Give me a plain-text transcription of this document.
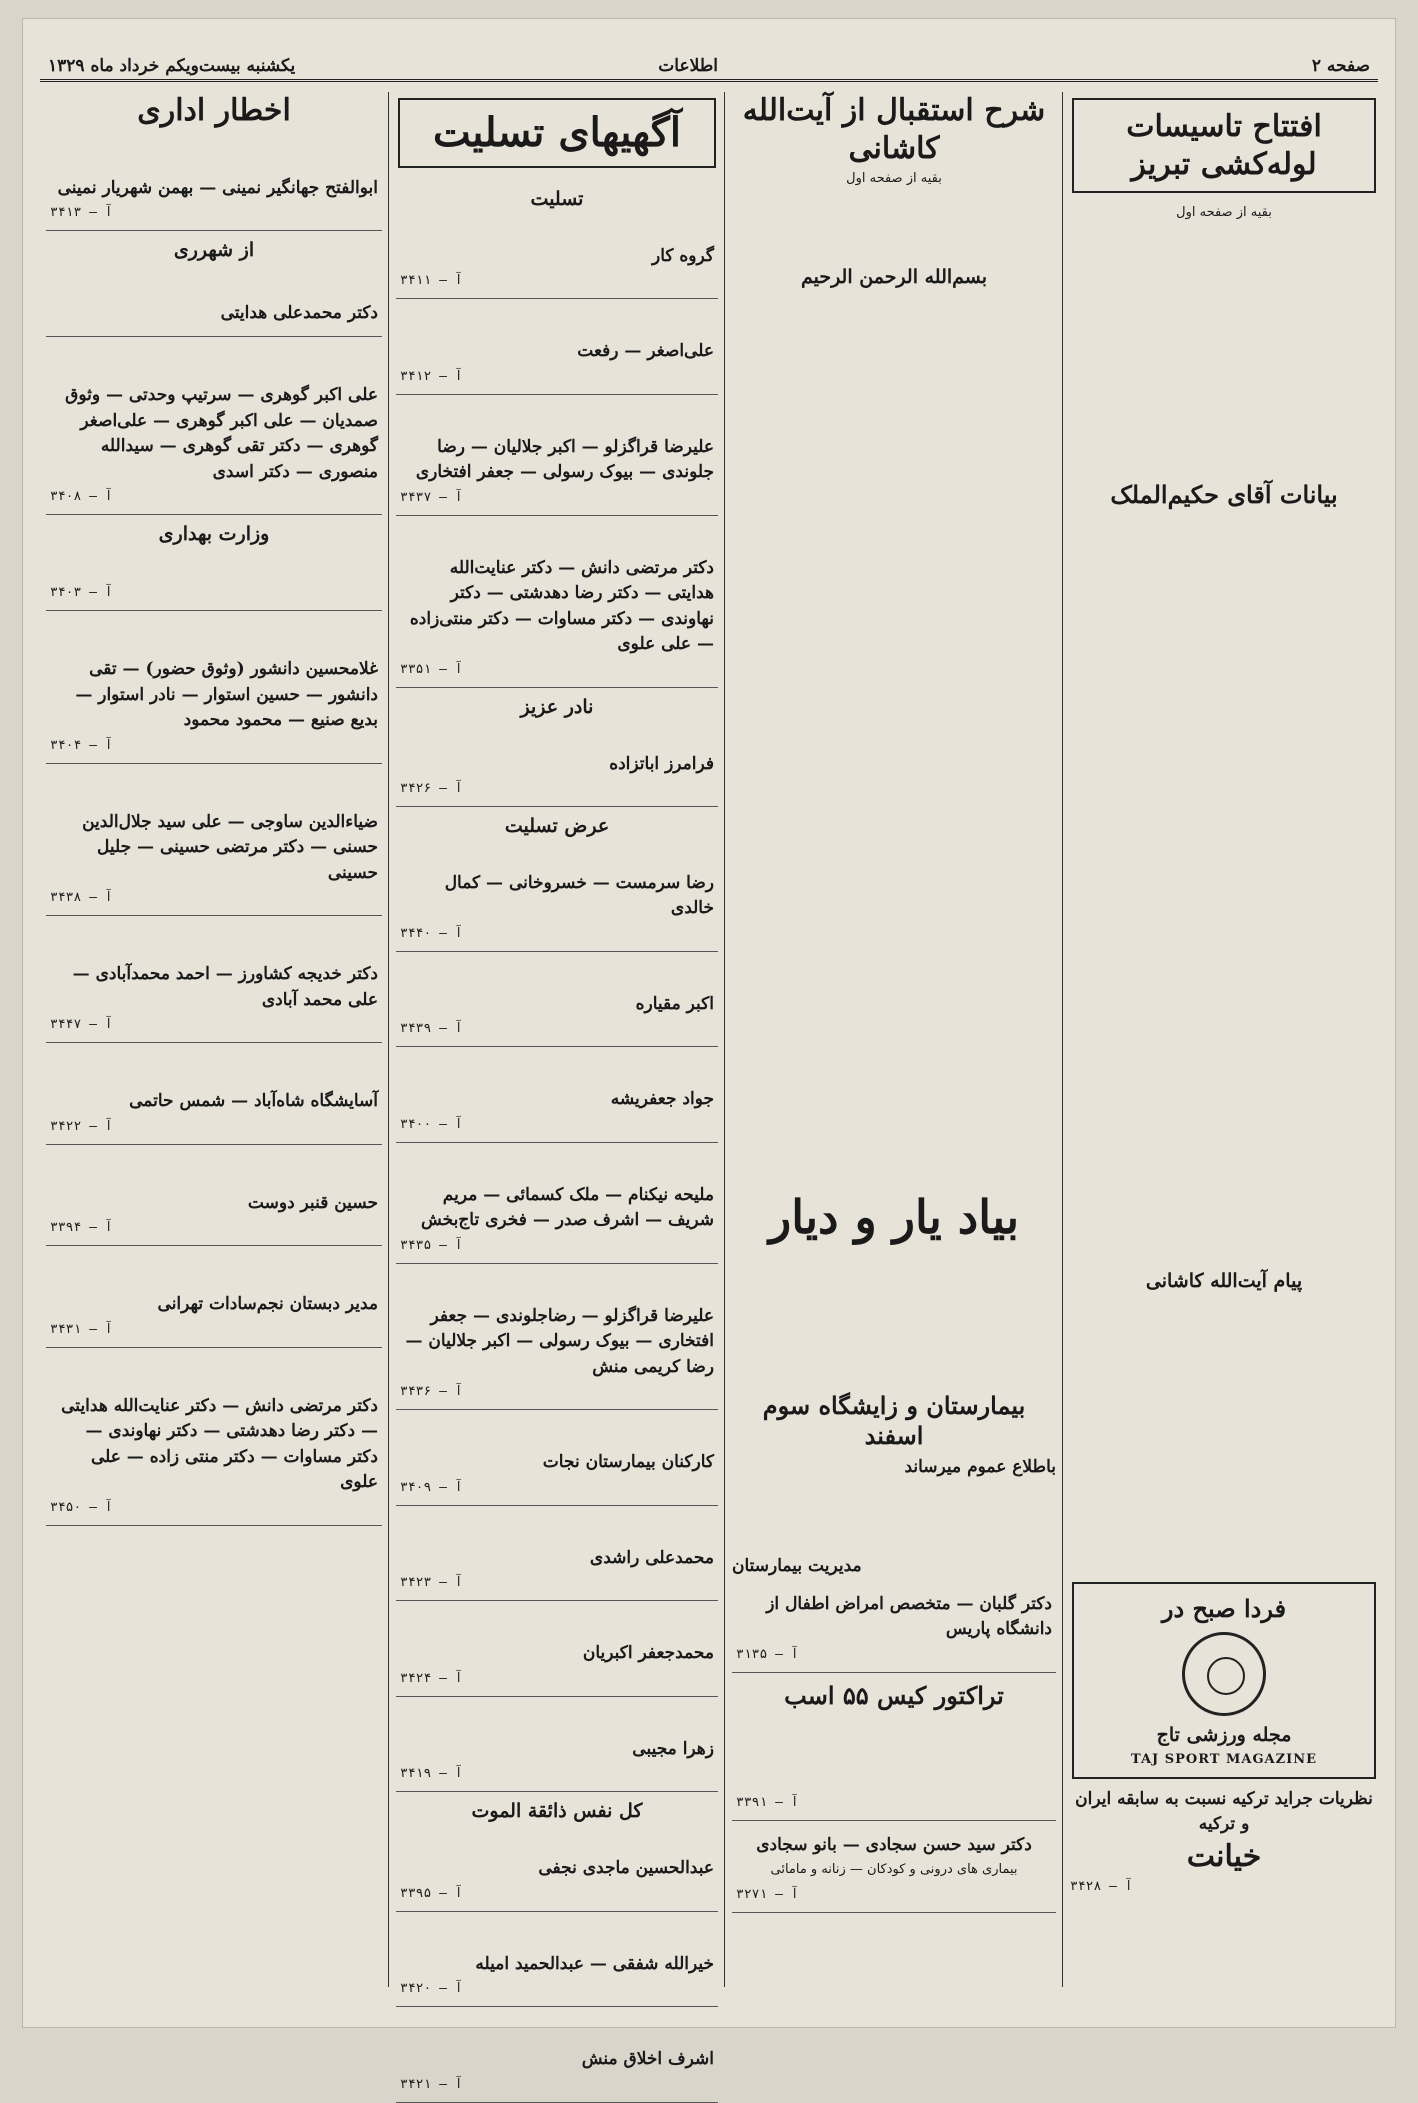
صفحه ۲
اطلاعات
یکشنبه بیست‌ویکم خرداد ماه ۱۳۲۹
افتتاح تاسیسات لوله‌کشی تبریز
بقیه از صفحه اول
بیانات آقای حکیم‌الملک
پیام آیت‌الله کاشانی
فردا صبح در
مجله ورزشی تاج
TAJ SPORT MAGAZINE
نظریات جراید ترکیه نسبت به سابقه ایران و ترکیه
خیانت
آ — ۳۴۲۸
شرح استقبال از آیت‌الله کاشانی
بقیه از صفحه اول
بسم‌الله الرحمن الرحیم
بیاد یار و دیار
بیمارستان و زایشگاه سوم اسفند
باطلاع عموم میرساند
مدیریت بیمارستان
دکتر گلبان — متخصص امراض اطفال از دانشگاه پاریس
آ — ۳۱۳۵
تراکتور کیس ۵۵ اسب
آ — ۳۳۹۱
دکتر سید حسن سجادی — بانو سجادی
بیماری های درونی و کودکان — زنانه و مامائی
آ — ۳۲۷۱
آگهیهای تسلیت
تسلیت
گروه کار
۳۴۱۱ — آ
علی‌اصغر — رفعت
آ — ۳۴۱۲
علیرضا قراگزلو — اکبر جلالیان — رضا جلوندی — بیوک رسولی — جعفر افتخاری
آ — ۳۴۳۷
دکتر مرتضی دانش — دکتر عنایت‌الله هدایتی — دکتر رضا دهدشتی — دکتر نهاوندی — دکتر مساوات — دکتر منتی‌زاده — علی علوی
آ — ۳۳۵۱
نادر عزیز
فرامرز اباتزاده
آ — ۳۴۲۶
عرض تسلیت
رضا سرمست — خسروخانی — کمال خالدی
آ — ۳۴۴۰
اکبر مقیاره
آ — ۳۴۳۹
جواد جعفریشه
آ — ۳۴۰۰
ملیحه نیکنام — ملک کسمائی — مریم شریف — اشرف صدر — فخری تاج‌بخش
آ — ۳۴۳۵
علیرضا قراگزلو — رضاجلوندی — جعفر افتخاری — بیوک رسولی — اکبر جلالیان — رضا کریمی منش
آ — ۳۴۳۶
کارکنان بیمارستان نجات
آ — ۳۴۰۹
محمدعلی راشدی
آ — ۳۴۲۳
محمدجعفر اکبریان
آ — ۳۴۲۴
زهرا مجیبی
آ — ۳۴۱۹
کل نفس ذائقة الموت
عبدالحسین ماجدی نجفی
آ — ۳۳۹۵
خیرالله شفقی — عبدالحمید امیله
آ — ۳۴۲۰
اشرف اخلاق منش
آ — ۳۴۲۱
اخطار اداری
ابوالفتح جهانگیر نمینی — بهمن شهریار نمینی
آ — ۳۴۱۳
از شهرری
دکتر محمدعلی هدایتی
علی اکبر گوهری — سرتیپ وحدتی — وثوق صمدیان — علی اکبر گوهری — علی‌اصغر گوهری — دکتر تقی گوهری — سیدالله منصوری — دکتر اسدی
آ — ۳۴۰۸
وزارت بهداری
آ — ۳۴۰۳
غلامحسین دانشور (وثوق حضور) — تقی دانشور — حسین استوار — نادر استوار — بدیع صنیع — محمود محمود
آ — ۳۴۰۴
ضیاءالدین ساوجی — علی سید جلال‌الدین حسنی — دکتر مرتضی حسینی — جلیل حسینی
آ — ۳۴۳۸
دکتر خدیجه کشاورز — احمد محمدآبادی — علی محمد آبادی
آ — ۳۴۴۷
آسایشگاه شاه‌آباد — شمس حاتمی
آ — ۳۴۲۲
حسین قنبر دوست
آ — ۳۳۹۴
مدیر دبستان نجم‌سادات تهرانی
آ — ۳۴۳۱
دکتر مرتضی دانش — دکتر عنایت‌الله هدایتی — دکتر رضا دهدشتی — دکتر نهاوندی — دکتر مساوات — دکتر منتی زاده — علی علوی
آ — ۳۴۵۰
